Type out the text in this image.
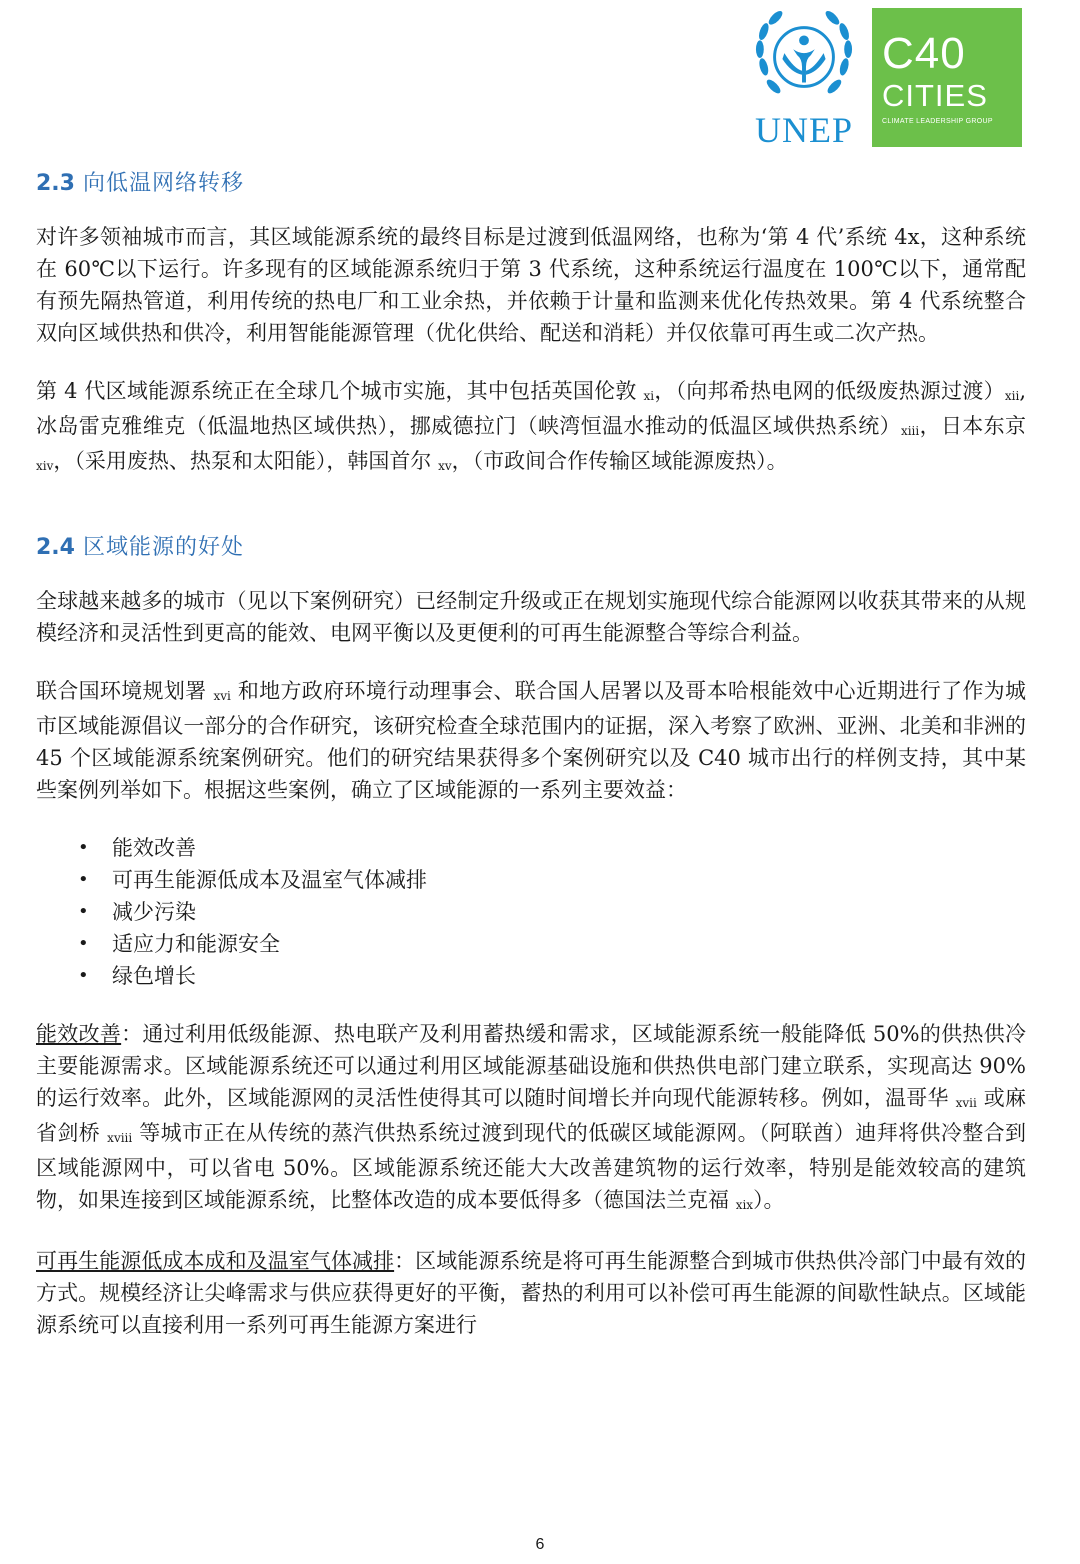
UNEP
C40
CITIES
CLIMATE LEADERSHIP GROUP
2.3 向低温网络转移

对许多领袖城市而言，其区域能源系统的最终目标是过渡到低温网络，也称为‘第 4 代’系统 4x，这种系统在 60℃以下运行。许多现有的区域能源系统归于第 3 代系统，这种系统运行温度在 100℃以下，通常配有预先隔热管道，利用传统的热电厂和工业余热，并依赖于计量和监测来优化传热效果。第 4 代系统整合双向区域供热和供冷，利用智能能源管理（优化供给、配送和消耗）并仅依靠可再生或二次产热。

第 4 代区域能源系统正在全球几个城市实施，其中包括英国伦敦 $_{xi}$，（向邦希热电网的低级废热源过渡）$_{xii}$,冰岛雷克雅维克（低温地热区域供热），挪威德拉门（峡湾恒温水推动的低温区域供热系统）$_{xiii}$，日本东京 $_{xiv}$，（采用废热、热泵和太阳能），韩国首尔 $_{xv}$，（市政间合作传输区域能源废热）。

2.4 区域能源的好处

全球越来越多的城市（见以下案例研究）已经制定升级或正在规划实施现代综合能源网以收获其带来的从规模经济和灵活性到更高的能效、电网平衡以及更便利的可再生能源整合等综合利益。

联合国环境规划署 $_{xvi}$ 和地方政府环境行动理事会、联合国人居署以及哥本哈根能效中心近期进行了作为城市区域能源倡议一部分的合作研究，该研究检查全球范围内的证据，深入考察了欧洲、亚洲、北美和非洲的 45 个区域能源系统案例研究。他们的研究结果获得多个案例研究以及 C40 城市出行的样例支持，其中某些案例列举如下。根据这些案例，确立了区域能源的一系列主要效益：

• 能效改善
• 可再生能源低成本及温室气体减排
• 减少污染
• 适应力和能源安全
• 绿色增长

能效改善：通过利用低级能源、热电联产及利用蓄热缓和需求，区域能源系统一般能降低 50%的供热供冷主要能源需求。区域能源系统还可以通过利用区域能源基础设施和供热供电部门建立联系，实现高达 90%的运行效率。此外，区域能源网的灵活性使得其可以随时间增长并向现代能源转移。例如，温哥华 $_{xvii}$ 或麻省剑桥 $_{xviii}$ 等城市正在从传统的蒸汽供热系统过渡到现代的低碳区域能源网。（阿联酋）迪拜将供冷整合到区域能源网中，可以省电 50%。区域能源系统还能大大改善建筑物的运行效率，特别是能效较高的建筑物，如果连接到区域能源系统，比整体改造的成本要低得多（德国法兰克福 $_{xix}$）。

可再生能源低成本成和及温室气体减排：区域能源系统是将可再生能源整合到城市供热供冷部门中最有效的方式。规模经济让尖峰需求与供应获得更好的平衡，蓄热的利用可以补偿可再生能源的间歇性缺点。区域能源系统可以直接利用一系列可再生能源方案进行

6
